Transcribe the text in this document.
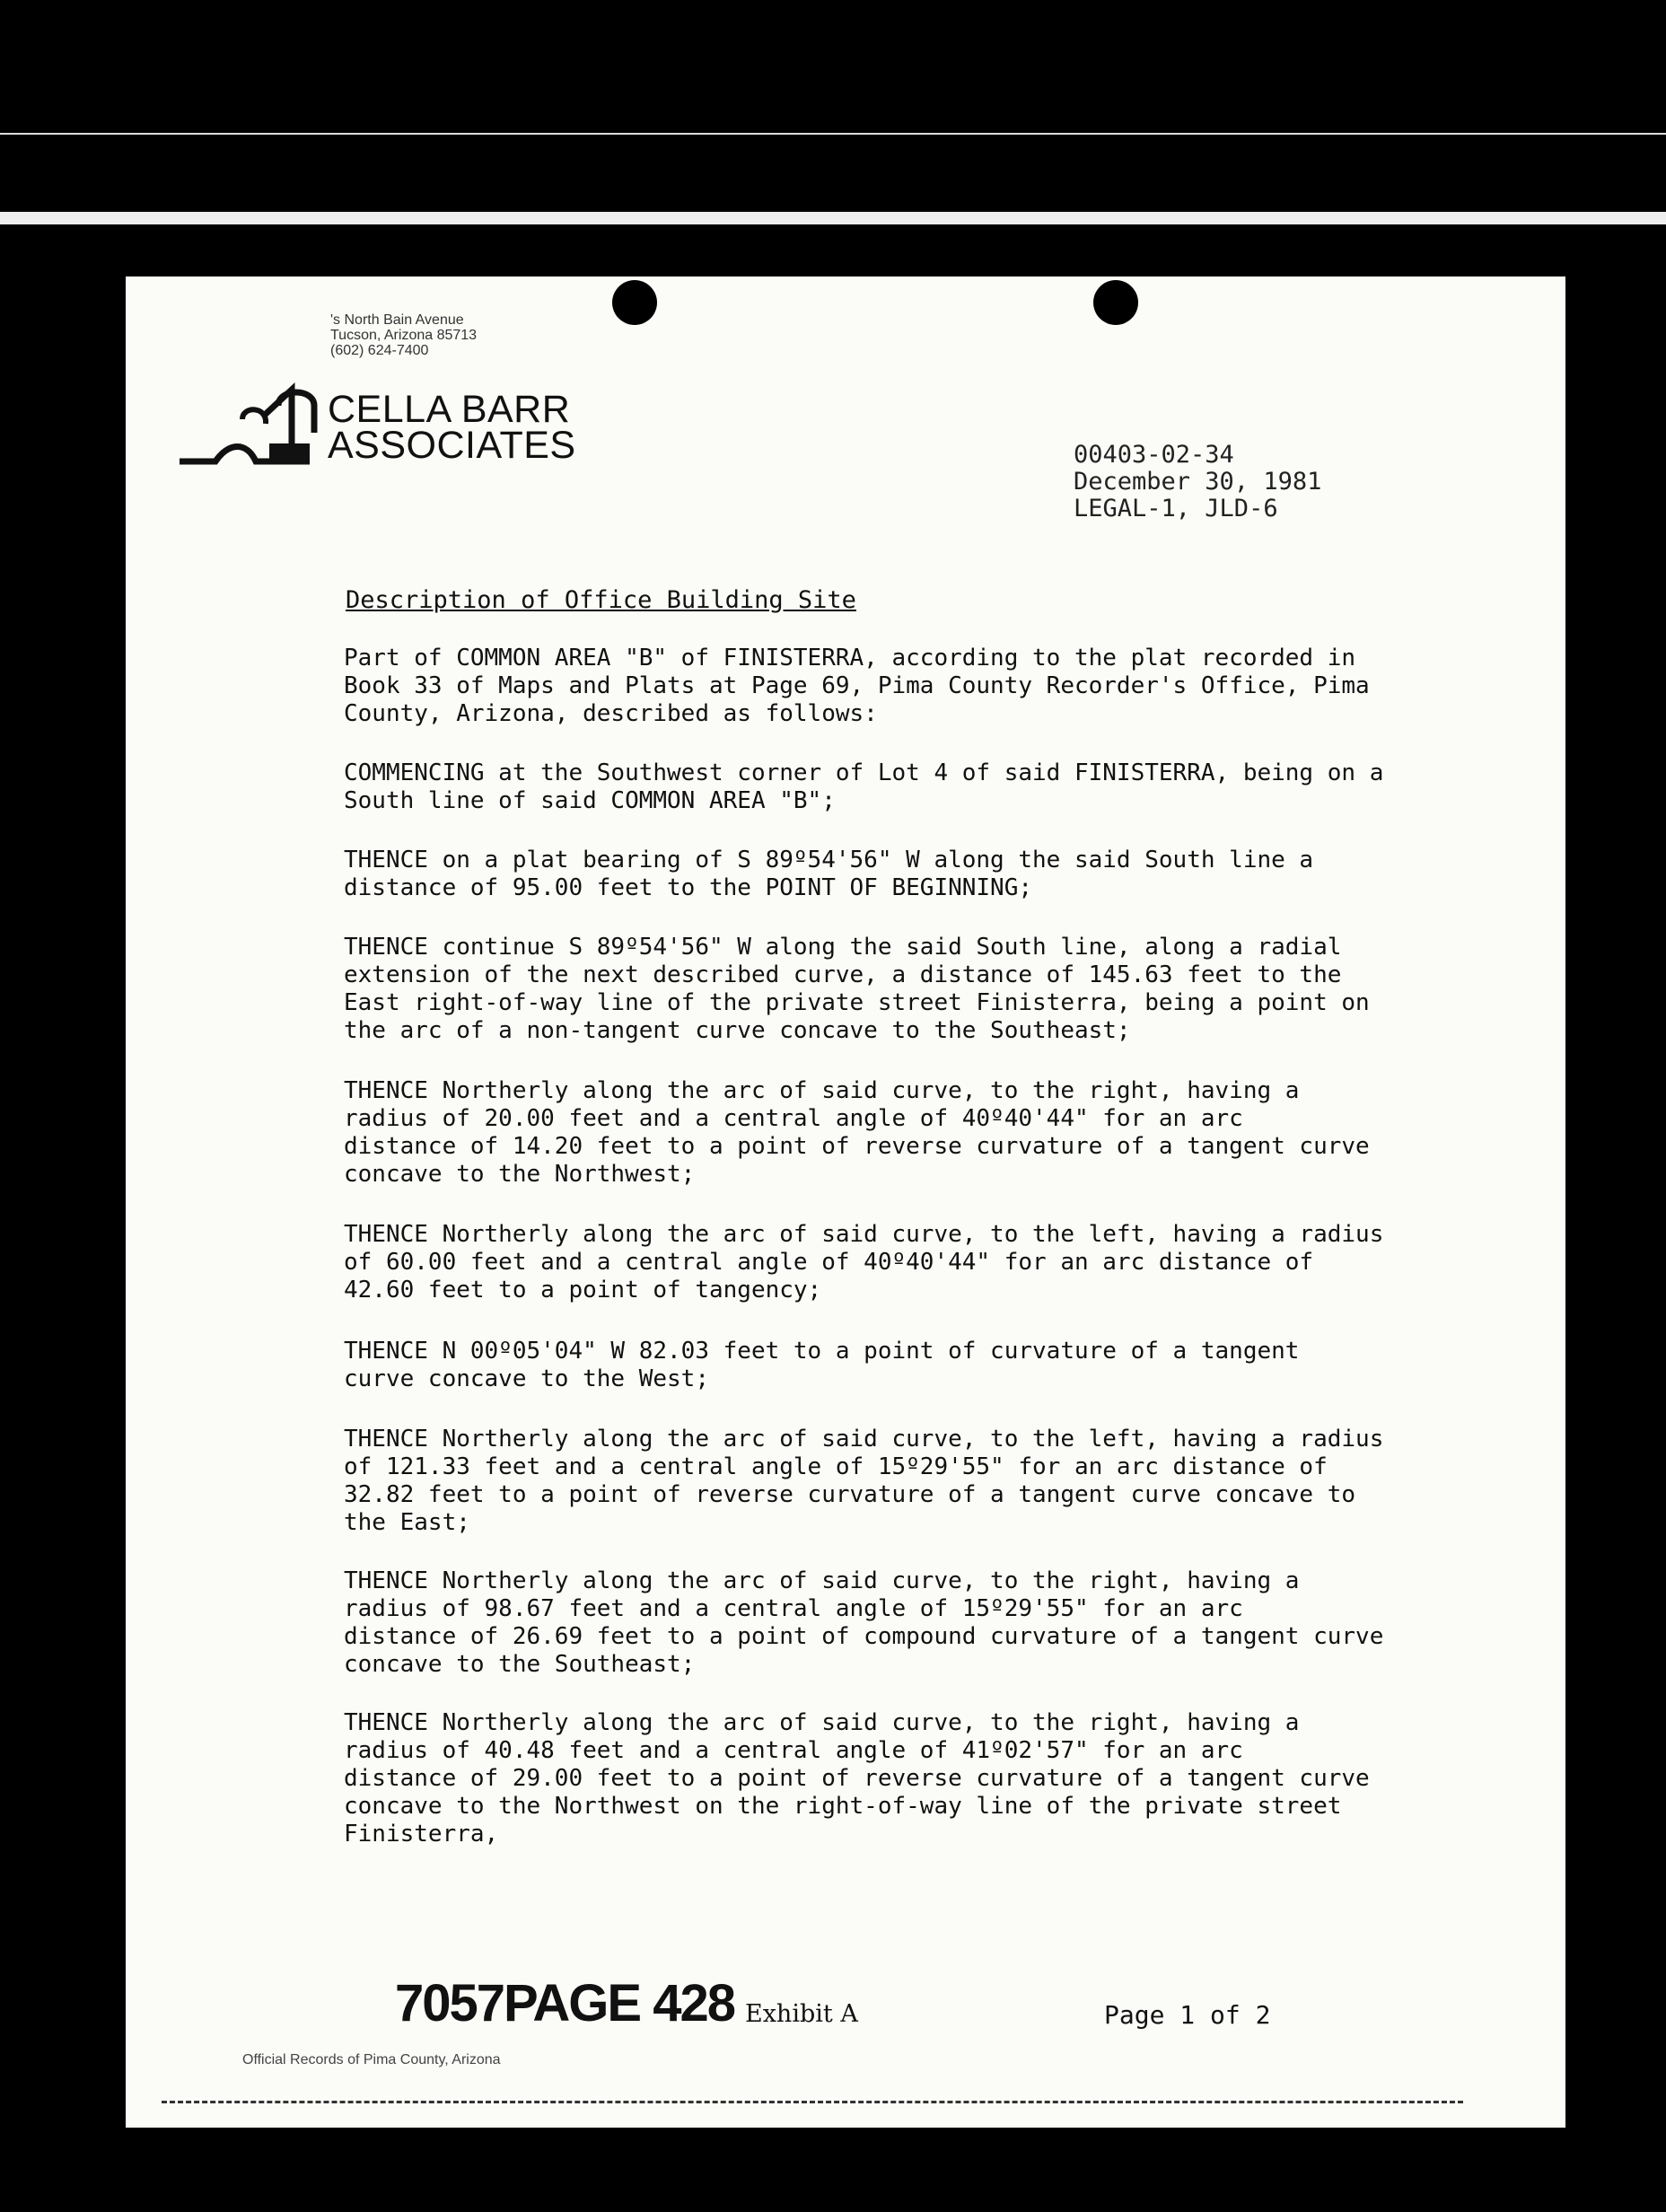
's North Bain Avenue
Tucson, Arizona 85713
(602) 624-7400
CELLA BARR
ASSOCIATES	00403-02-34
December 30, 1981
LEGAL-1, JLD-6
Description of Office Building Site
Part of COMMON AREA "B" of FINISTERRA, according to the plat recorded in
Book 33 of Maps and Plats at Page 69, Pima County Recorder's Office, Pima
County, Arizona, described as follows:
COMMENCING at the Southwest corner of Lot 4 of said FINISTERRA, being on a
South line of said COMMON AREA "B";
THENCE on a plat bearing of S 89º54'56" W along the said South line a
distance of 95.00 feet to the POINT OF BEGINNING;
THENCE continue S 89º54'56" W along the said South line, along a radial
extension of the next described curve, a distance of 145.63 feet to the
East right-of-way line of the private street Finisterra, being a point on
the arc of a non-tangent curve concave to the Southeast;
THENCE Northerly along the arc of said curve, to the right, having a
radius of 20.00 feet and a central angle of 40º40'44" for an arc
distance of 14.20 feet to a point of reverse curvature of a tangent curve
concave to the Northwest;
THENCE Northerly along the arc of said curve, to the left, having a radius
of 60.00 feet and a central angle of 40º40'44" for an arc distance of
42.60 feet to a point of tangency;
THENCE N 00º05'04" W 82.03 feet to a point of curvature of a tangent
curve concave to the West;
THENCE Northerly along the arc of said curve, to the left, having a radius
of 121.33 feet and a central angle of 15º29'55" for an arc distance of
32.82 feet to a point of reverse curvature of a tangent curve concave to
the East;
THENCE Northerly along the arc of said curve, to the right, having a
radius of 98.67 feet and a central angle of 15º29'55" for an arc
distance of 26.69 feet to a point of compound curvature of a tangent curve
concave to the Southeast;
THENCE Northerly along the arc of said curve, to the right, having a
radius of 40.48 feet and a central angle of 41º02'57" for an arc
distance of 29.00 feet to a point of reverse curvature of a tangent curve
concave to the Northwest on the right-of-way line of the private street
Finisterra,
7057PAGE 428 Exhibit A	Page 1 of 2
Official Records of Pima County, Arizona
